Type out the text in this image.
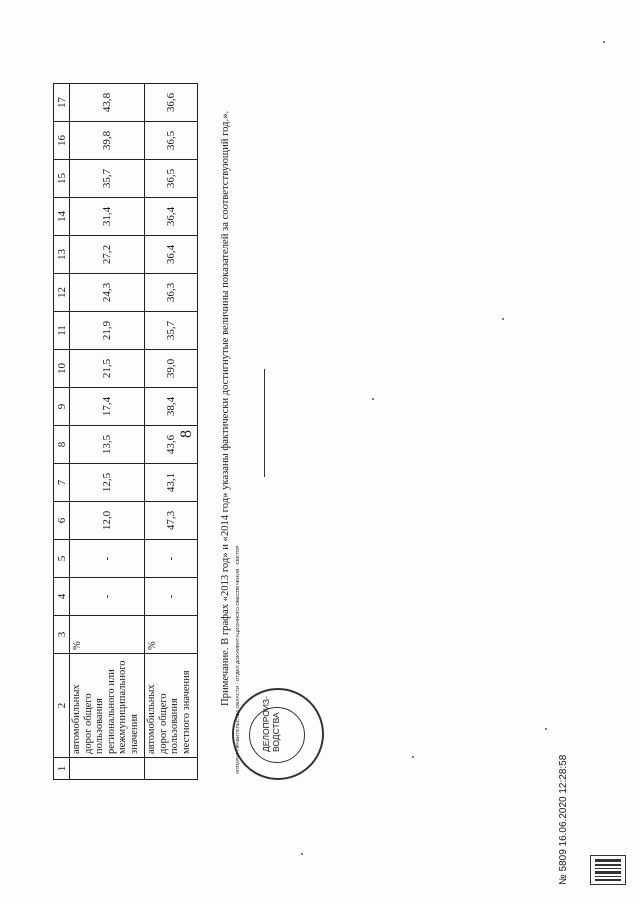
8
1	2	3	4	5	6	7	8	9	10	11	12	13	14	15	16	17
	автомобильных дорог общего пользования регионального или межмуниципального значения	%	-	-	12,0	12,5	13,5	17,4	21,5	21,9	24,3	27,2	31,4	35,7	39,8	43,8
	автомобильных дорог общего пользования местного значения	%	-	-	47,3	43,1	43,6	38,4	39,0	35,7	36,3	36,4	36,4	36,5	36,5	36,6
Примечание. В графах «2013 год» и «2014 год» указаны фактически достигнутые величины показателей за соответствующий год.».
ДЕЛОПРОИЗ-
ВОДСТВА
АППАРАТ ПРАВИТЕЛЬСТВА ОБЛАСТИ · ОТДЕЛ ДОКУМЕНТАЦИОННОГО ОБЕСПЕЧЕНИЯ · СЕКТОР
№ 5809 16.06.2020 12:28:58
